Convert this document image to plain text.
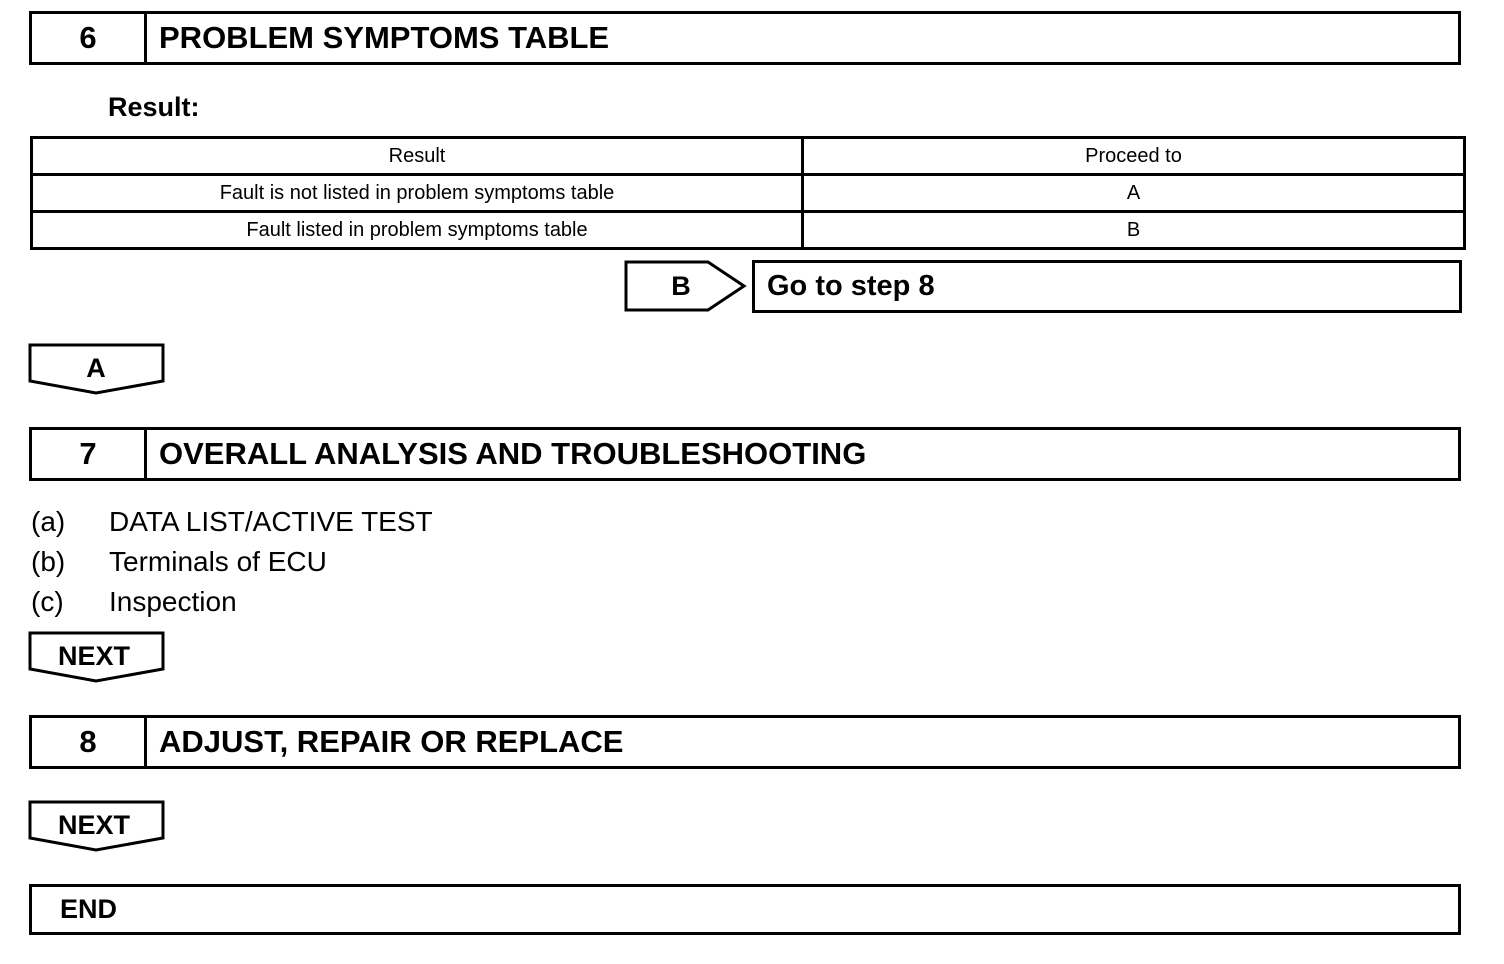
6	PROBLEM SYMPTOMS TABLE
Result:
Result	Proceed to
Fault is not listed in problem symptoms table	A
Fault listed in problem symptoms table	B
B	Go to step 8
A
7	OVERALL ANALYSIS AND TROUBLESHOOTING
(a)	DATA LIST/ACTIVE TEST
(b)	Terminals of ECU
(c)	Inspection
NEXT
8	ADJUST, REPAIR OR REPLACE
NEXT
END
